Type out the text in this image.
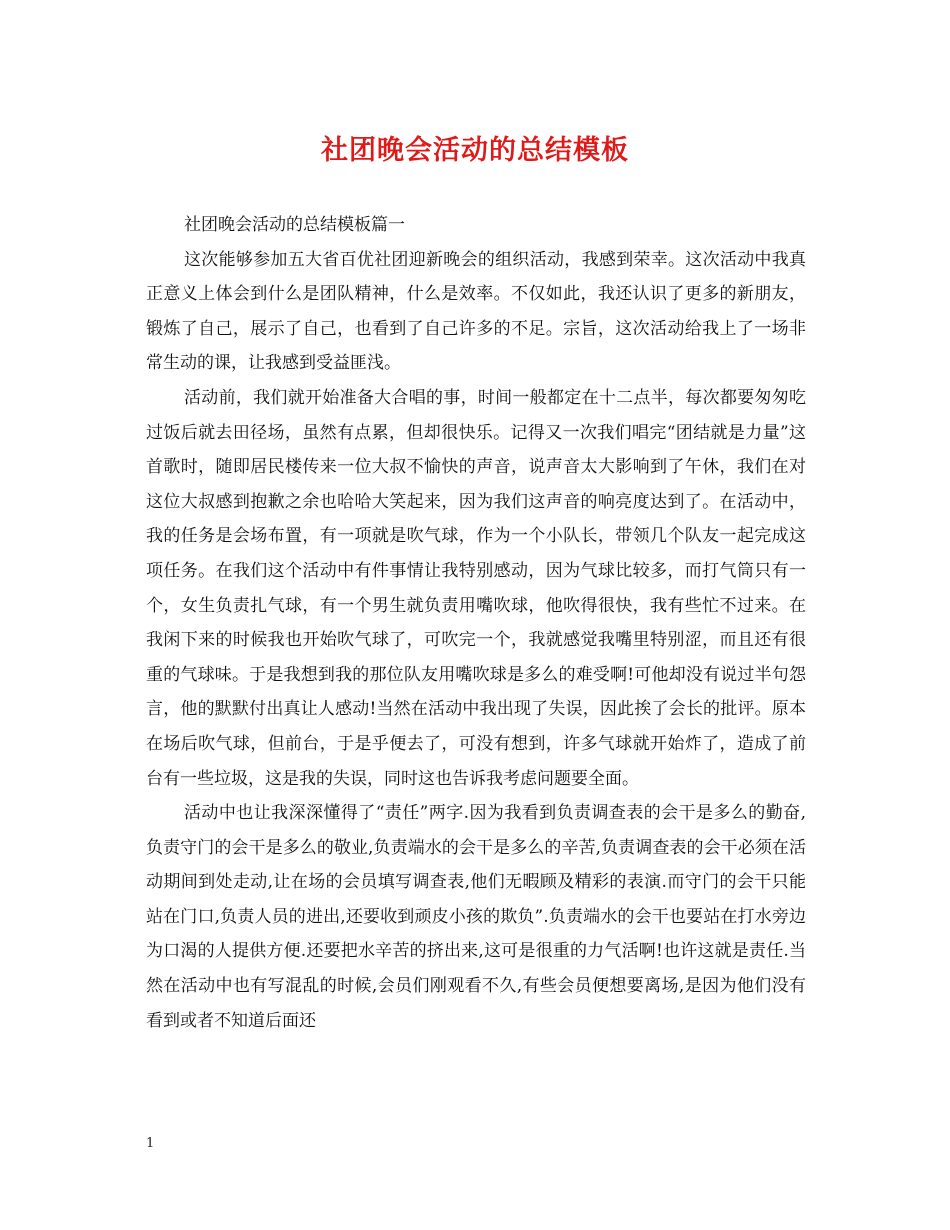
社团晚会活动的总结模板

社团晚会活动的总结模板篇一

这次能够参加五大省百优社团迎新晚会的组织活动，我感到荣幸。这次活动中我真正意义上体会到什么是团队精神，什么是效率。不仅如此，我还认识了更多的新朋友，锻炼了自己，展示了自己，也看到了自己许多的不足。宗旨，这次活动给我上了一场非常生动的课，让我感到受益匪浅。

活动前，我们就开始准备大合唱的事，时间一般都定在十二点半，每次都要匆匆吃过饭后就去田径场，虽然有点累，但却很快乐。记得又一次我们唱完“团结就是力量”这首歌时，随即居民楼传来一位大叔不愉快的声音，说声音太大影响到了午休，我们在对这位大叔感到抱歉之余也哈哈大笑起来，因为我们这声音的响亮度达到了。在活动中，我的任务是会场布置，有一项就是吹气球，作为一个小队长，带领几个队友一起完成这项任务。在我们这个活动中有件事情让我特别感动，因为气球比较多，而打气筒只有一个，女生负责扎气球，有一个男生就负责用嘴吹球，他吹得很快，我有些忙不过来。在我闲下来的时候我也开始吹气球了，可吹完一个，我就感觉我嘴里特别涩，而且还有很重的气球味。于是我想到我的那位队友用嘴吹球是多么的难受啊!可他却没有说过半句怨言，他的默默付出真让人感动!当然在活动中我出现了失误，因此挨了会长的批评。原本在场后吹气球，但前台，于是乎便去了，可没有想到，许多气球就开始炸了，造成了前台有一些垃圾，这是我的失误，同时这也告诉我考虑问题要全面。

活动中也让我深深懂得了“责任”两字.因为我看到负责调查表的会干是多么的勤奋,负责守门的会干是多么的敬业,负责端水的会干是多么的辛苦,负责调查表的会干必须在活动期间到处走动,让在场的会员填写调查表,他们无暇顾及精彩的表演.而守门的会干只能站在门口,负责人员的进出,还要收到顽皮小孩的欺负”.负责端水的会干也要站在打水旁边为口渴的人提供方便.还要把水辛苦的挤出来,这可是很重的力气活啊!也许这就是责任.当然在活动中也有写混乱的时候,会员们刚观看不久,有些会员便想要离场,是因为他们没有看到或者不知道后面还

1
